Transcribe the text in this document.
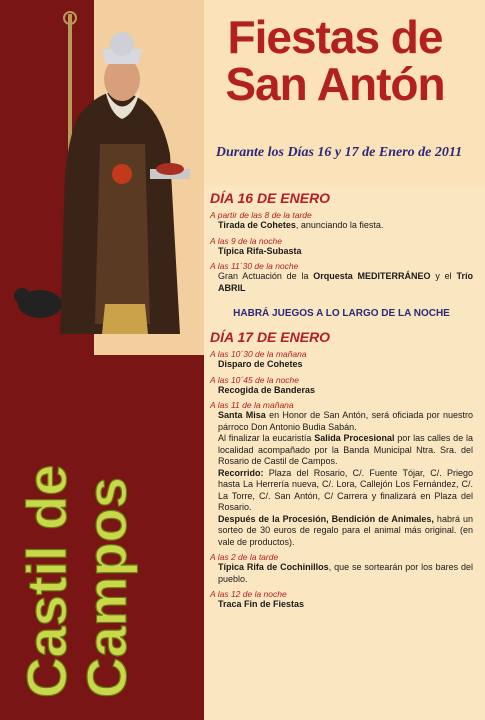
Castil de
Campos
Fiestas de
San Antón
Durante los Días 16 y 17 de Enero de 2011
DÍA 16 DE ENERO
A partir de las 8 de la tarde
Tirada de Cohetes, anunciando la fiesta.
A las 9 de la noche
Típica Rifa-Subasta
A las 11´30 de la noche
Gran Actuación de la Orquesta MEDITERRÁNEO y el Trío ABRIL
HABRÁ JUEGOS A LO LARGO DE LA NOCHE
DÍA 17 DE ENERO
A las 10´30 de la mañana
Disparo de Cohetes
A las 10´45 de la noche
Recogida de Banderas
A las 11 de la mañana
Santa Misa en Honor de San Antón, será oficiada por nuestro párroco Don Antonio Budia Sabán.
Al finalizar la eucaristía Salida Procesional por las calles de la localidad acompañado por la Banda Municipal Ntra. Sra. del Rosario de Castil de Campos.
Recorrido: Plaza del Rosario, C/. Fuente Tójar, C/. Priego hasta La Herrería nueva, C/. Lora, Callejón Los Fernández, C/. La Torre, C/. San Antón, C/ Carrera y finalizará en Plaza del Rosario.
Después de la Procesión, Bendición de Animales, habrá un sorteo de 30 euros de regalo para el animal más original. (en vale de productos).
A las 2 de la tarde
Típica Rifa de Cochinillos, que se sortearán por los bares del pueblo.
A las 12 de la noche
Traca Fin de Fiestas
